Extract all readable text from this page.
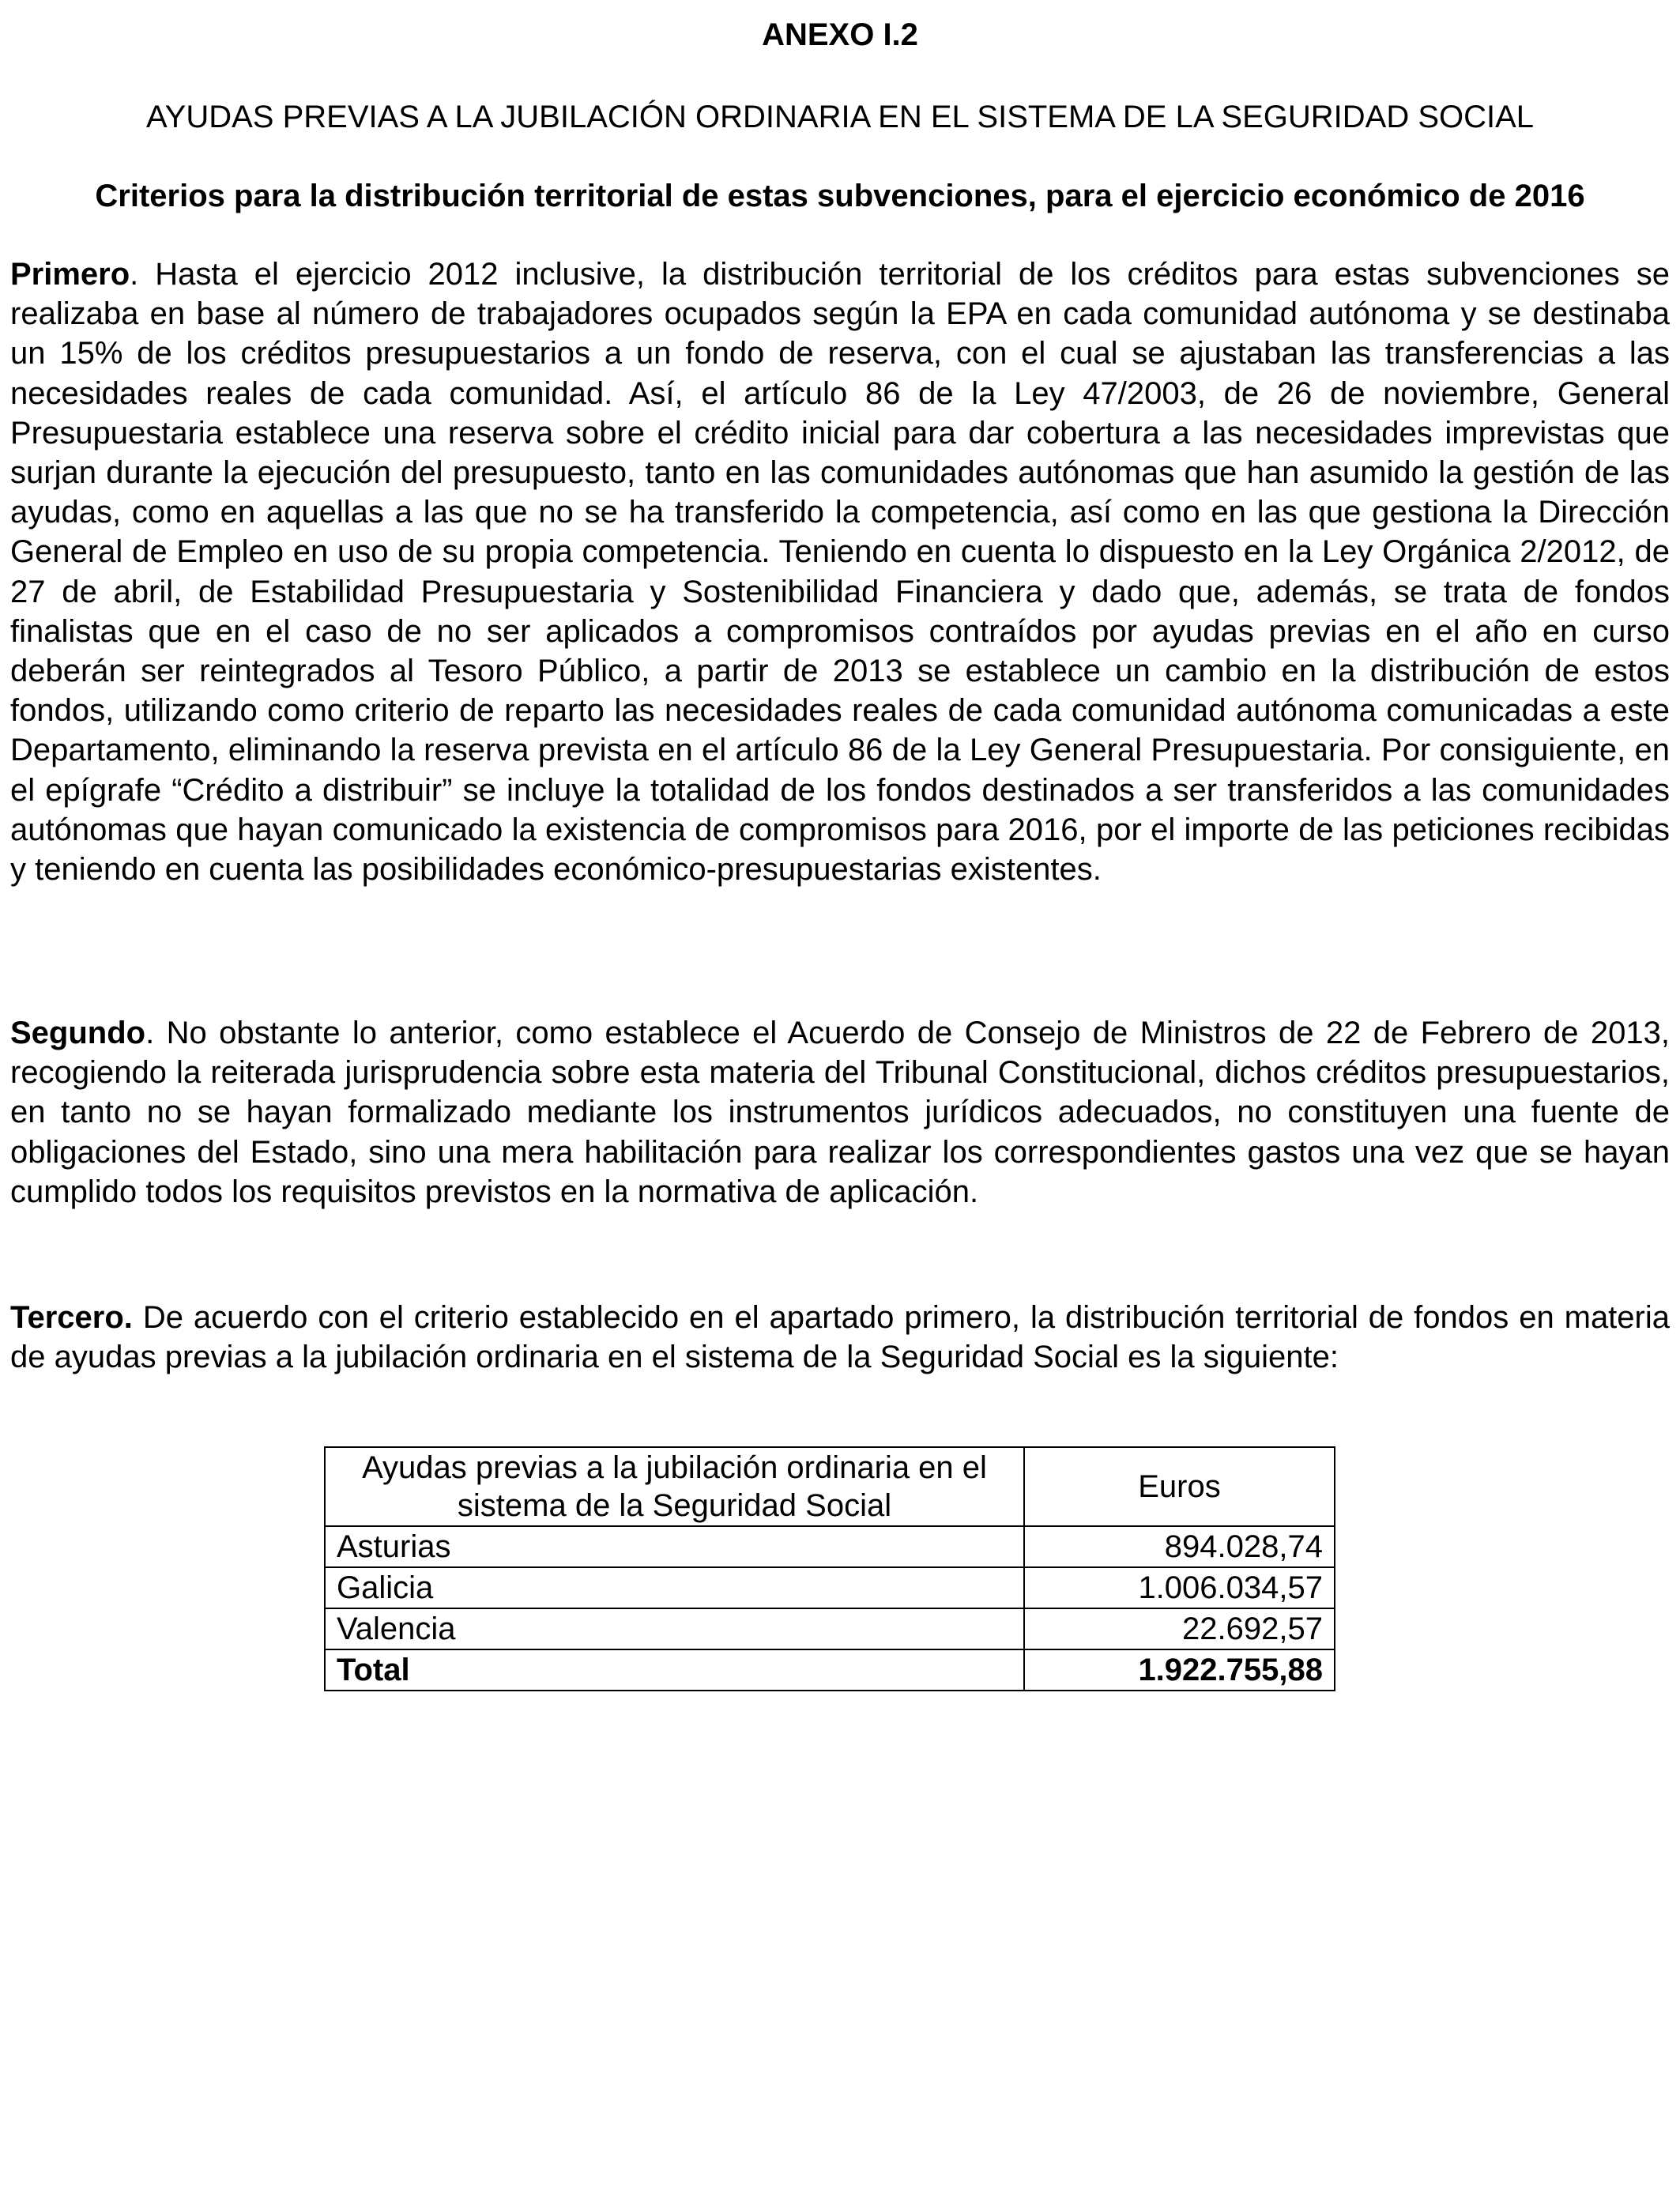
ANEXO I.2
AYUDAS PREVIAS A LA JUBILACIÓN ORDINARIA EN EL SISTEMA DE LA SEGURIDAD SOCIAL
Criterios para la distribución territorial de estas subvenciones, para el ejercicio económico de 2016

Primero. Hasta el ejercicio 2012 inclusive, la distribución territorial de los créditos para estas subvenciones se realizaba en base al número de trabajadores ocupados según la EPA en cada comunidad autónoma y se destinaba un 15% de los créditos presupuestarios a un fondo de reserva, con el cual se ajustaban las transferencias a las necesidades reales de cada comunidad. Así, el artículo 86 de la Ley 47/2003, de 26 de noviembre, General Presupuestaria establece una reserva sobre el crédito inicial para dar cobertura a las necesidades imprevistas que surjan durante la ejecución del presupuesto, tanto en las comunidades autónomas que han asumido la gestión de las ayudas, como en aquellas a las que no se ha transferido la competencia, así como en las que gestiona la Dirección General de Empleo en uso de su propia competencia. Teniendo en cuenta lo dispuesto en la Ley Orgánica 2/2012, de 27 de abril, de Estabilidad Presupuestaria y Sostenibilidad Financiera y dado que, además, se trata de fondos finalistas que en el caso de no ser aplicados a compromisos contraídos por ayudas previas en el año en curso deberán ser reintegrados al Tesoro Público, a partir de 2013 se establece un cambio en la distribución de estos fondos, utilizando como criterio de reparto las necesidades reales de cada comunidad autónoma comunicadas a este Departamento, eliminando la reserva prevista en el artículo 86 de la Ley General Presupuestaria. Por consiguiente, en el epígrafe “Crédito a distribuir” se incluye la totalidad de los fondos destinados a ser transferidos a las comunidades autónomas que hayan comunicado la existencia de compromisos para 2016, por el importe de las peticiones recibidas y teniendo en cuenta las posibilidades económico-presupuestarias existentes.

Segundo. No obstante lo anterior, como establece el Acuerdo de Consejo de Ministros de 22 de Febrero de 2013, recogiendo la reiterada jurisprudencia sobre esta materia del Tribunal Constitucional, dichos créditos presupuestarios, en tanto no se hayan formalizado mediante los instrumentos jurídicos adecuados, no constituyen una fuente de obligaciones del Estado, sino una mera habilitación para realizar los correspondientes gastos una vez que se hayan cumplido todos los requisitos previstos en la normativa de aplicación.

Tercero. De acuerdo con el criterio establecido en el apartado primero, la distribución territorial de fondos en materia de ayudas previas a la jubilación ordinaria en el sistema de la Seguridad Social es la siguiente:

Ayudas previas a la jubilación ordinaria en el sistema de la Seguridad Social	Euros
Asturias	894.028,74
Galicia	1.006.034,57
Valencia	22.692,57
Total	1.922.755,88
